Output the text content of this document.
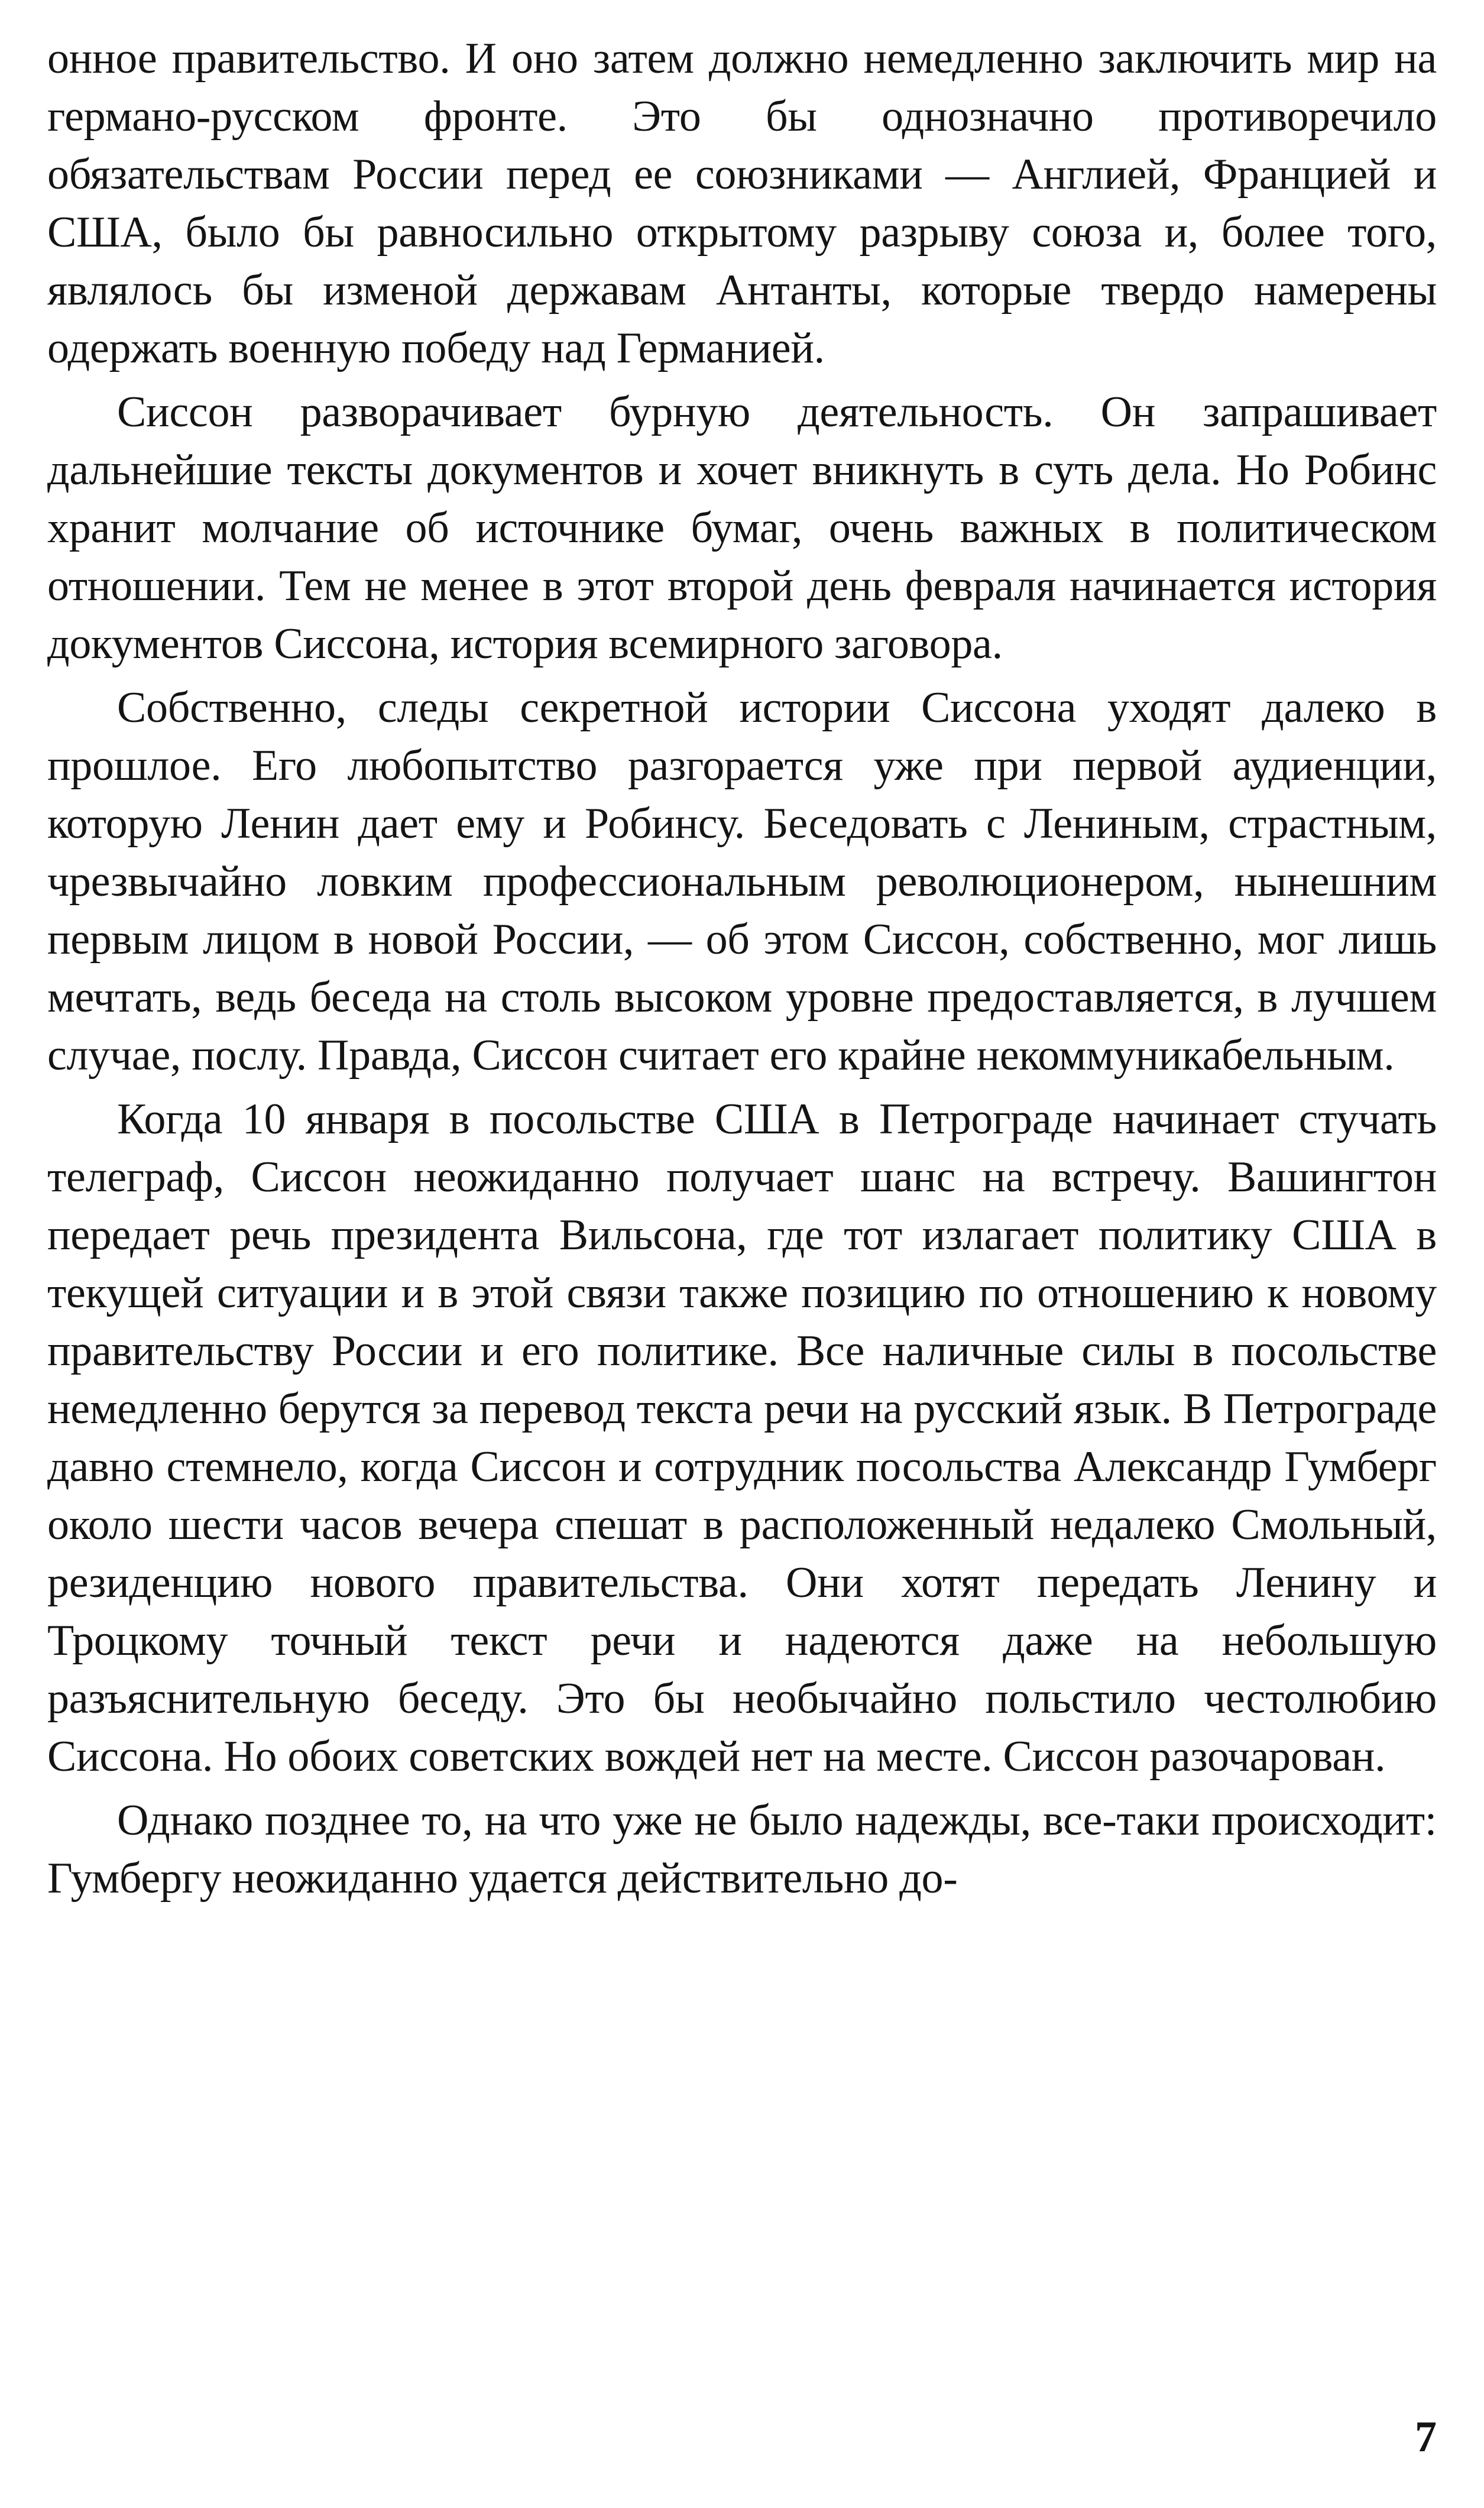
онное правительство. И оно затем должно немедленно заключить мир на германо-русском фронте. Это бы однозначно противоречило обязательствам России перед ее союзниками — Англией, Францией и США, было бы равносильно открытому разрыву союза и, более того, являлось бы изменой державам Антанты, которые твердо намерены одержать военную победу над Германией.

Сиссон разворачивает бурную деятельность. Он запрашивает дальнейшие тексты документов и хочет вникнуть в суть дела. Но Робинс хранит молчание об источнике бумаг, очень важных в политическом отношении. Тем не менее в этот второй день февраля начинается история документов Сиссона, история всемирного заговора.

Собственно, следы секретной истории Сиссона уходят далеко в прошлое. Его любопытство разгорается уже при первой аудиенции, которую Ленин дает ему и Робинсу. Беседовать с Лениным, страстным, чрезвычайно ловким профессиональным революционером, нынешним первым лицом в новой России, — об этом Сиссон, собственно, мог лишь мечтать, ведь беседа на столь высоком уровне предоставляется, в лучшем случае, послу. Правда, Сиссон считает его крайне некоммуникабельным.

Когда 10 января в посольстве США в Петрограде начинает стучать телеграф, Сиссон неожиданно получает шанс на встречу. Вашингтон передает речь президента Вильсона, где тот излагает политику США в текущей ситуации и в этой связи также позицию по отношению к новому правительству России и его политике. Все наличные силы в посольстве немедленно берутся за перевод текста речи на русский язык. В Петрограде давно стемнело, когда Сиссон и сотрудник посольства Александр Гумберг около шести часов вечера спешат в расположенный недалеко Смольный, резиденцию нового правительства. Они хотят передать Ленину и Троцкому точный текст речи и надеются даже на небольшую разъяснительную беседу. Это бы необычайно польстило честолюбию Сиссона. Но обоих советских вождей нет на месте. Сиссон разочарован.

Однако позднее то, на что уже не было надежды, все-таки происходит: Гумбергу неожиданно удается действительно до-

7
